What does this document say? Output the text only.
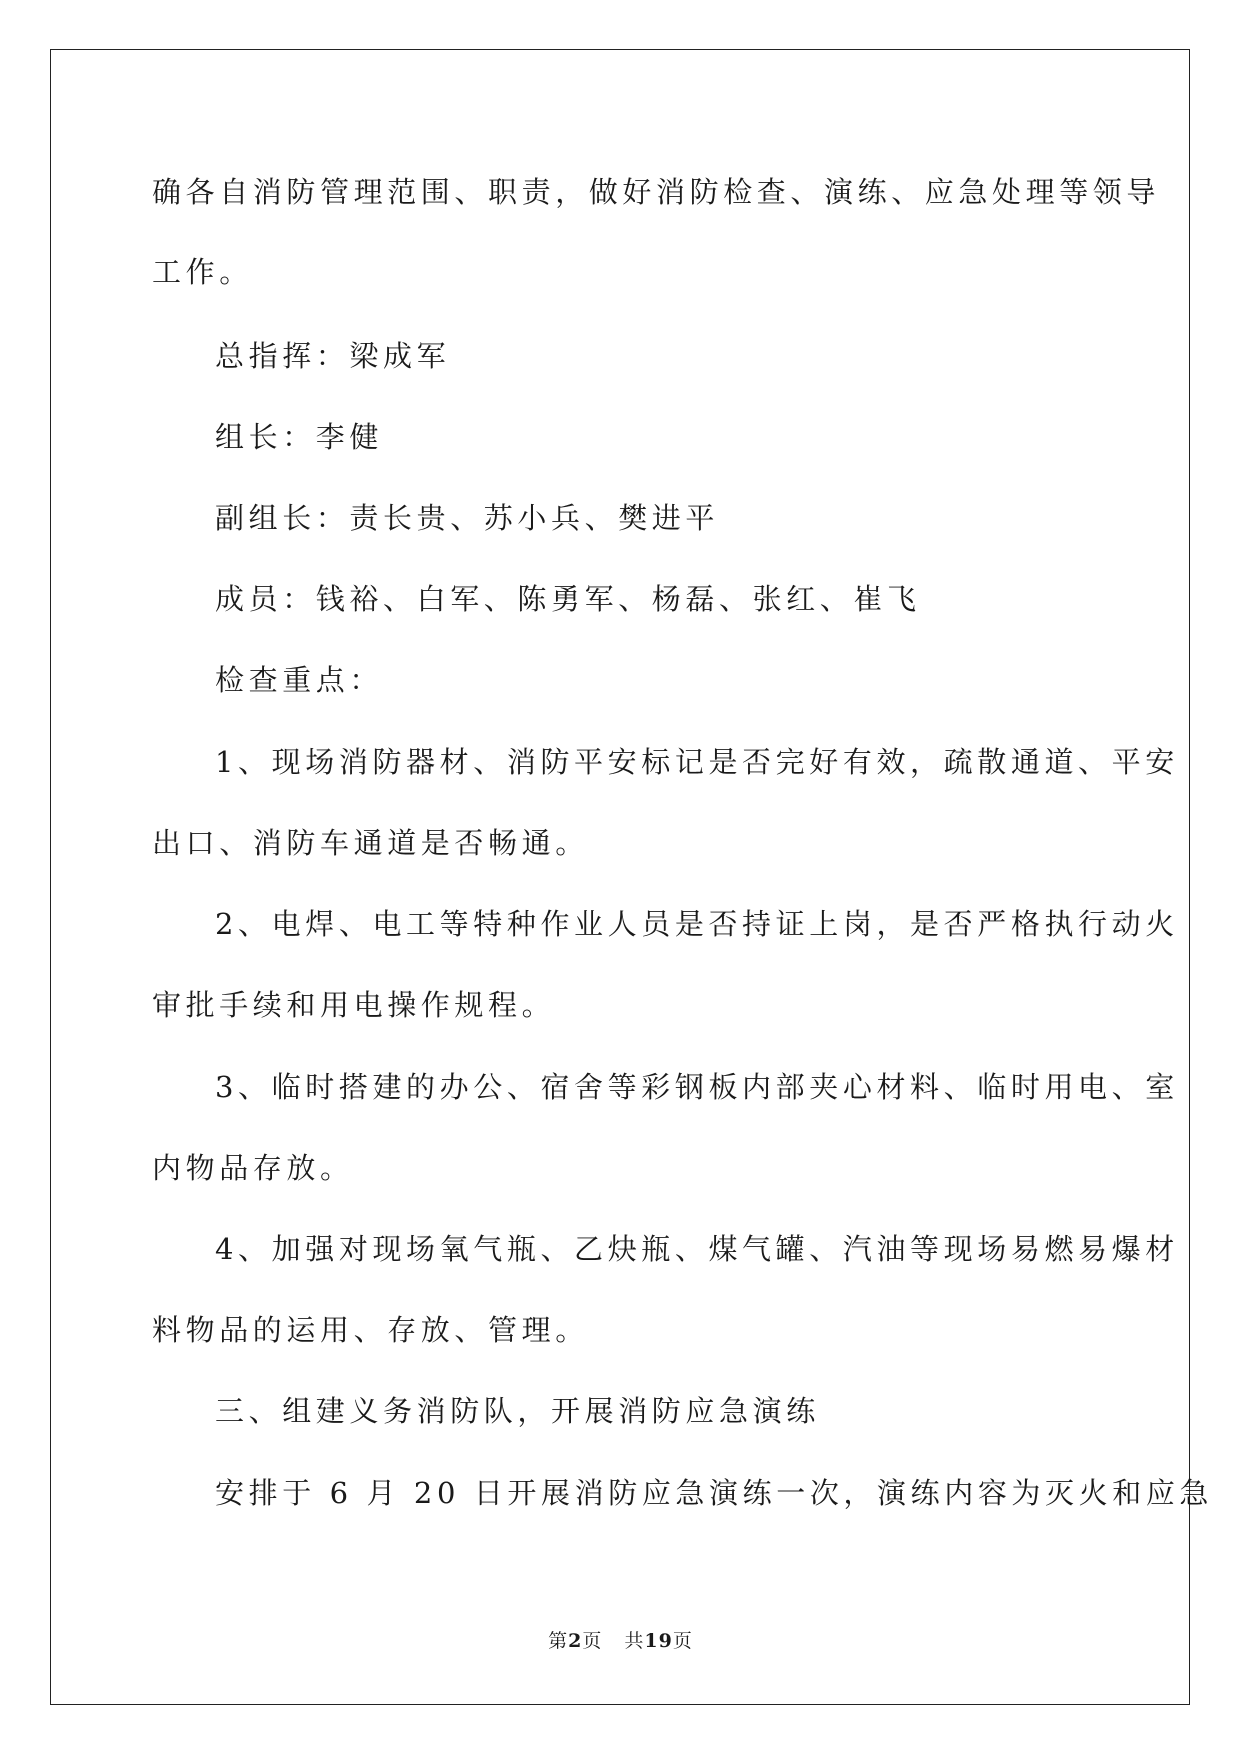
确各自消防管理范围、职责，做好消防检查、演练、应急处理等领导

工作。

总指挥：梁成军

组长：李健

副组长：责长贵、苏小兵、樊进平

成员：钱裕、白军、陈勇军、杨磊、张红、崔飞

检查重点：

1、现场消防器材、消防平安标记是否完好有效，疏散通道、平安

出口、消防车通道是否畅通。

2、电焊、电工等特种作业人员是否持证上岗，是否严格执行动火

审批手续和用电操作规程。

3、临时搭建的办公、宿舍等彩钢板内部夹心材料、临时用电、室

内物品存放。

4、加强对现场氧气瓶、乙炔瓶、煤气罐、汽油等现场易燃易爆材

料物品的运用、存放、管理。

三、组建义务消防队，开展消防应急演练

安排于 6 月 20 日开展消防应急演练一次，演练内容为灭火和应急

第2页 共19页
